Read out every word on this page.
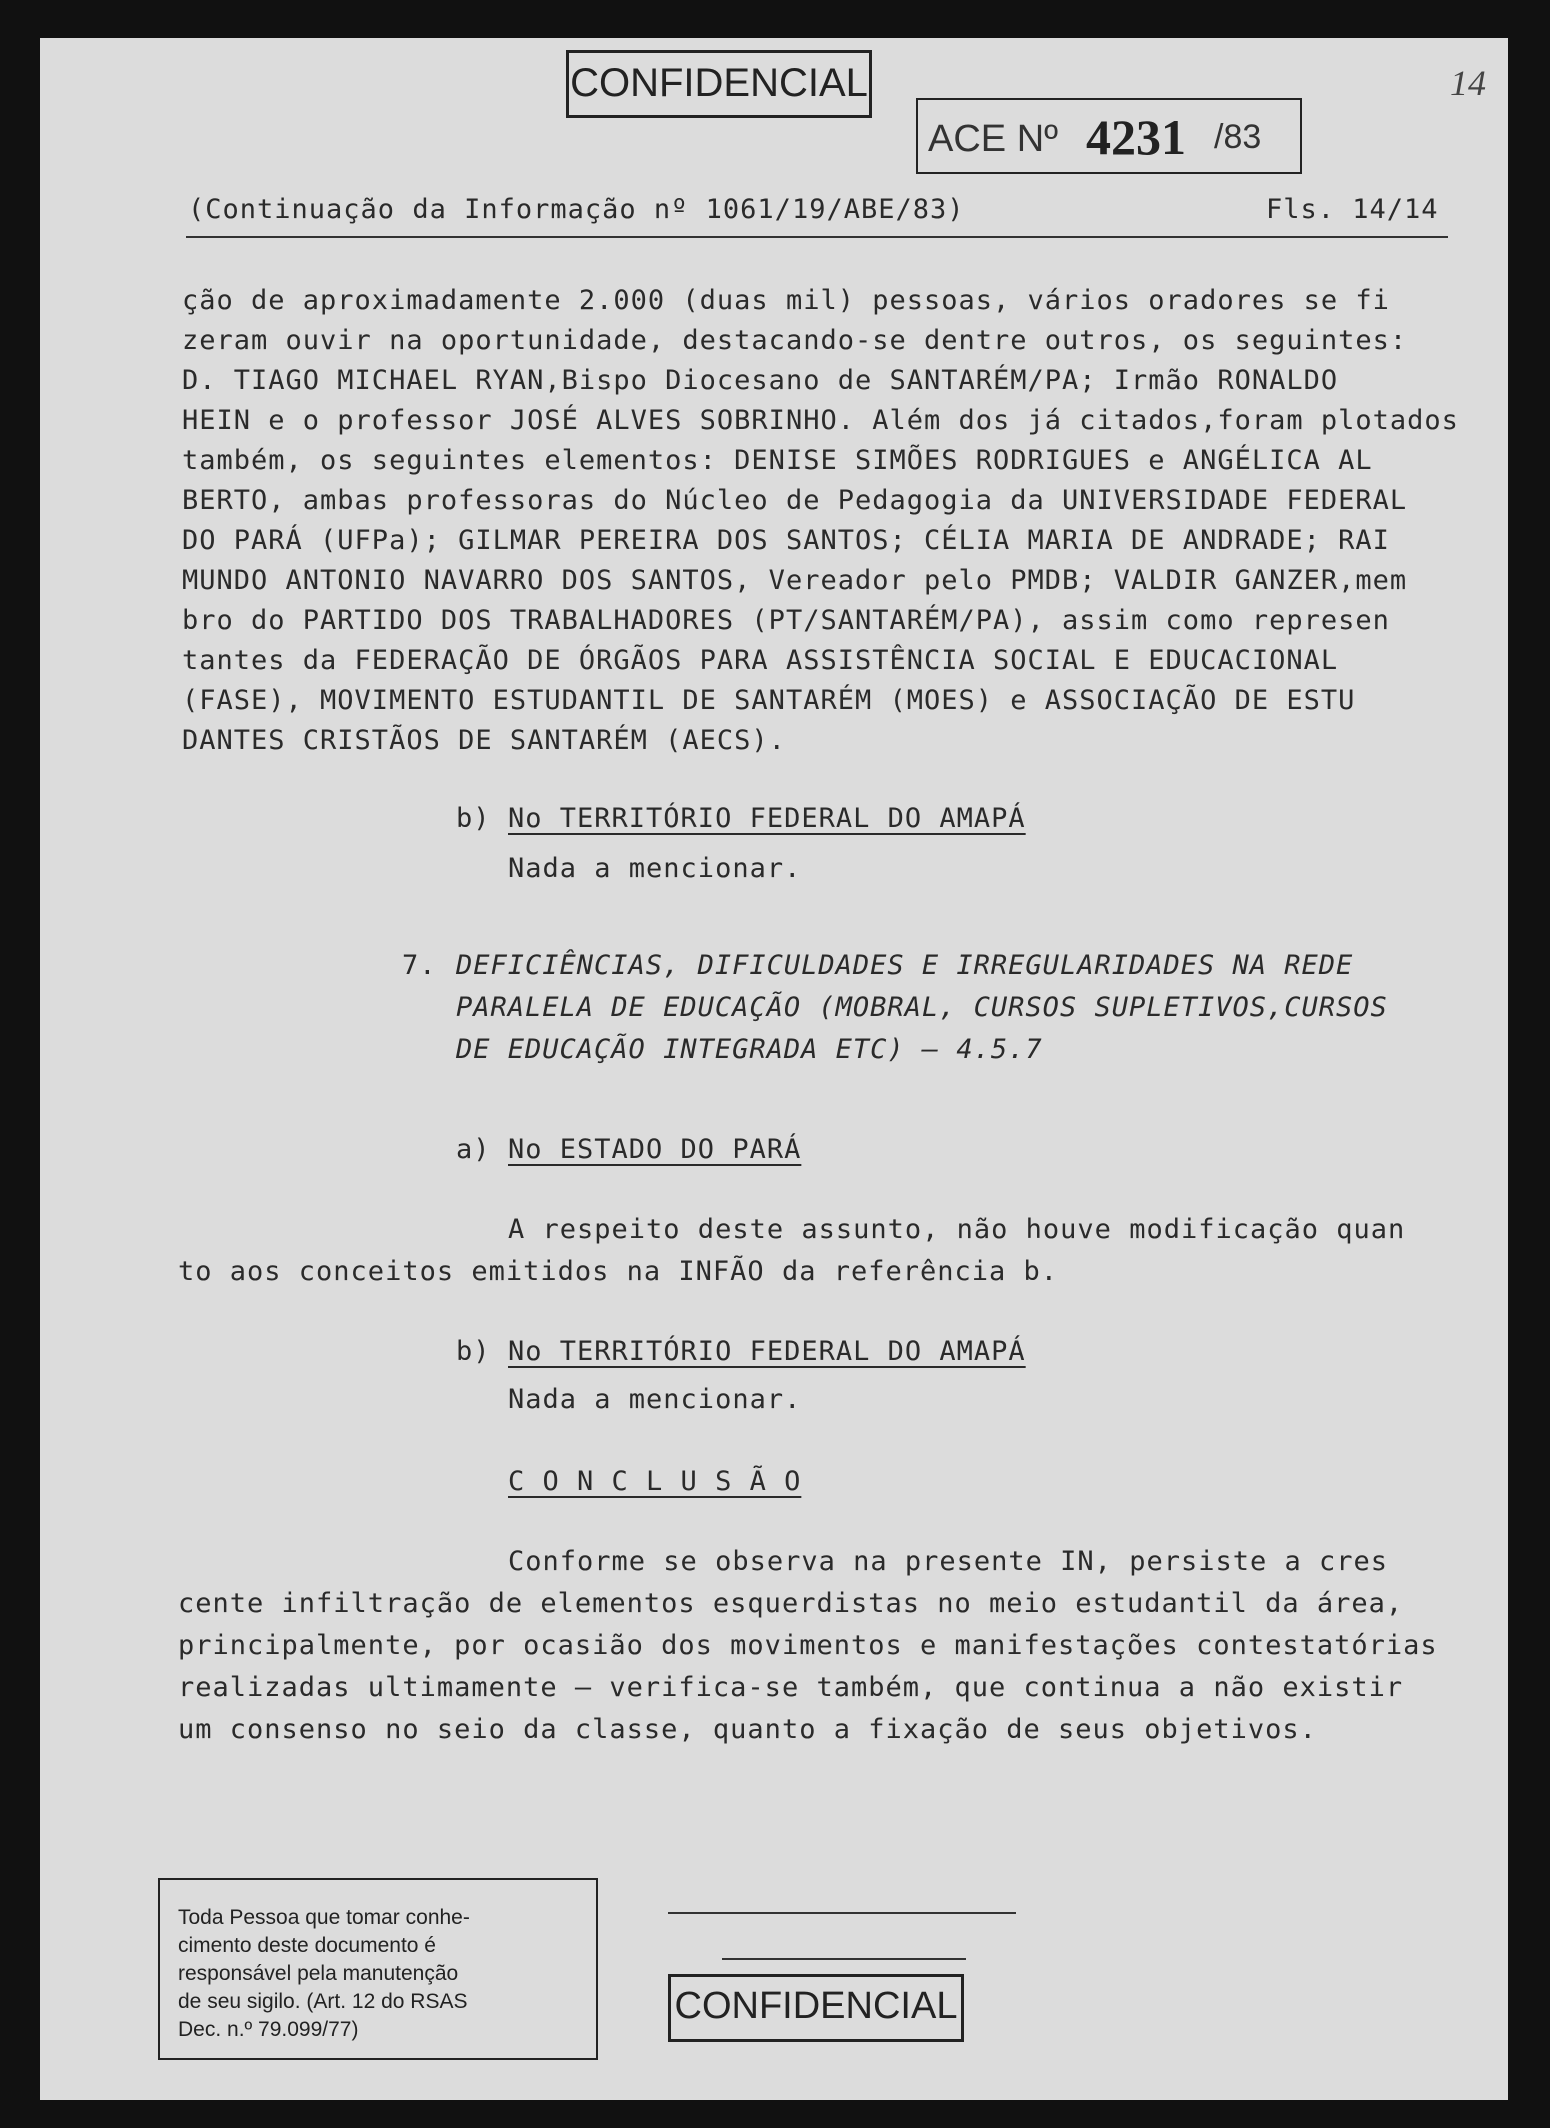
CONFIDENCIAL
ACE Nº 4231 /83
14
(Continuação da Informação nº 1061/19/ABE/83)	Fls. 14/14
ção de aproximadamente 2.000 (duas mil) pessoas, vários oradores se fi
zeram ouvir na oportunidade, destacando-se dentre outros, os seguintes:
D. TIAGO MICHAEL RYAN,Bispo Diocesano de SANTARÉM/PA; Irmão RONALDO
HEIN e o professor JOSÉ ALVES SOBRINHO. Além dos já citados,foram plotados
também, os seguintes elementos: DENISE SIMÕES RODRIGUES e ANGÉLICA AL
BERTO, ambas professoras do Núcleo de Pedagogia da UNIVERSIDADE FEDERAL
DO PARÁ (UFPa); GILMAR PEREIRA DOS SANTOS; CÉLIA MARIA DE ANDRADE; RAI
MUNDO ANTONIO NAVARRO DOS SANTOS, Vereador pelo PMDB; VALDIR GANZER,mem
bro do PARTIDO DOS TRABALHADORES (PT/SANTARÉM/PA), assim como represen
tantes da FEDERAÇÃO DE ÓRGÃOS PARA ASSISTÊNCIA SOCIAL E EDUCACIONAL
(FASE), MOVIMENTO ESTUDANTIL DE SANTARÉM (MOES) e ASSOCIAÇÃO DE ESTU
DANTES CRISTÃOS DE SANTARÉM (AECS).
b) No TERRITÓRIO FEDERAL DO AMAPÁ
Nada a mencionar.
7. DEFICIÊNCIAS, DIFICULDADES E IRREGULARIDADES NA REDE
PARALELA DE EDUCAÇÃO (MOBRAL, CURSOS SUPLETIVOS,CURSOS
DE EDUCAÇÃO INTEGRADA ETC) — 4.5.7
a) No ESTADO DO PARÁ
A respeito deste assunto, não houve modificação quan
to aos conceitos emitidos na INFÃO da referência b.
b) No TERRITÓRIO FEDERAL DO AMAPÁ
Nada a mencionar.
C O N C L U S Ã O
Conforme se observa na presente IN, persiste a cres
cente infiltração de elementos esquerdistas no meio estudantil da área,
principalmente, por ocasião dos movimentos e manifestações contestatórias
realizadas ultimamente — verifica-se também, que continua a não existir
um consenso no seio da classe, quanto a fixação de seus objetivos.
Toda Pessoa que tomar conhe-
cimento deste documento é
responsável pela manutenção
de seu sigilo. (Art. 12 do RSAS
Dec. n.º 79.099/77)
CONFIDENCIAL
